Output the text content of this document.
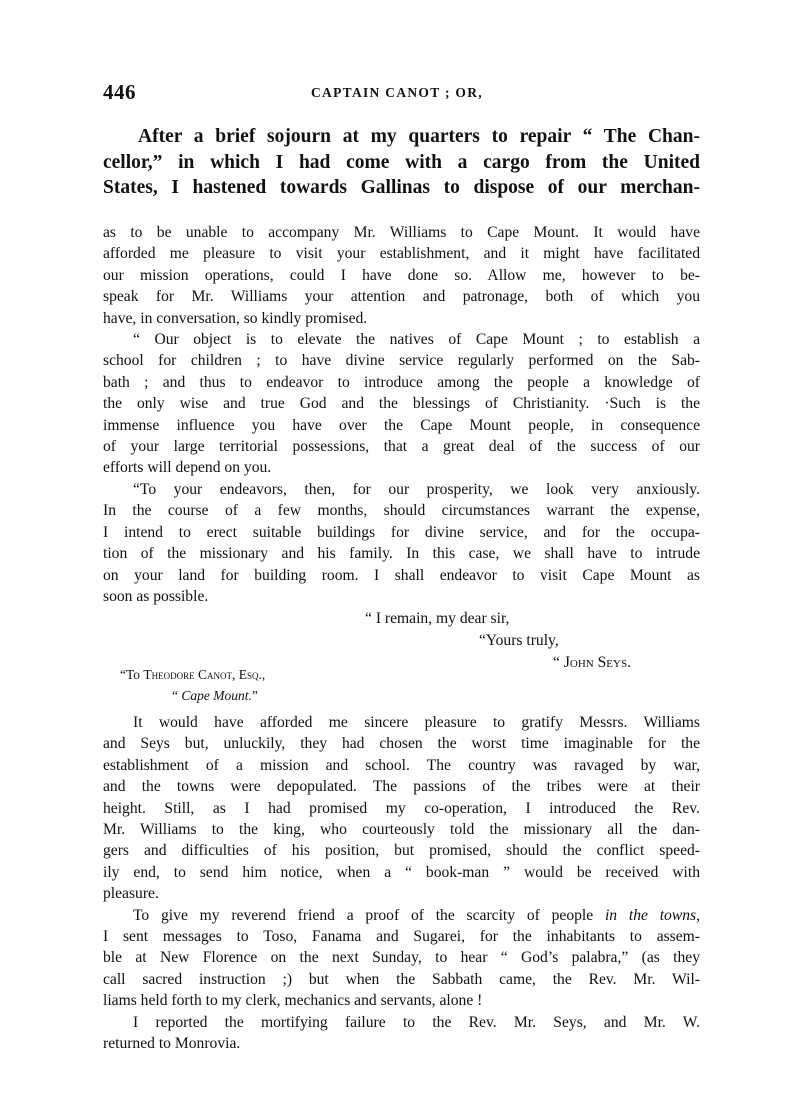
446	CAPTAIN CANOT ; OR,
After a brief sojourn at my quarters to repair “ The Chan-
cellor,” in which I had come with a cargo from the United
States, I hastened towards Gallinas to dispose of our merchan-
as to be unable to accompany Mr. Williams to Cape Mount. It would have
afforded me pleasure to visit your establishment, and it might have facilitated
our mission operations, could I have done so. Allow me, however to be-
speak for Mr. Williams your attention and patronage, both of which you
have, in conversation, so kindly promised.
“ Our object is to elevate the natives of Cape Mount ; to establish a
school for children ; to have divine service regularly performed on the Sab-
bath ; and thus to endeavor to introduce among the people a knowledge of
the only wise and true God and the blessings of Christianity. ·Such is the
immense influence you have over the Cape Mount people, in consequence
of your large territorial possessions, that a great deal of the success of our
efforts will depend on you.
“To your endeavors, then, for our prosperity, we look very anxiously.
In the course of a few months, should circumstances warrant the expense,
I intend to erect suitable buildings for divine service, and for the occupa-
tion of the missionary and his family. In this case, we shall have to intrude
on your land for building room. I shall endeavor to visit Cape Mount as
soon as possible.
“ I remain, my dear sir,
“Yours truly,
“ John Seys.
“To Theodore Canot, Esq.,
“ Cape Mount.”
It would have afforded me sincere pleasure to gratify Messrs. Williams
and Seys but, unluckily, they had chosen the worst time imaginable for the
establishment of a mission and school. The country was ravaged by war,
and the towns were depopulated. The passions of the tribes were at their
height. Still, as I had promised my co-operation, I introduced the Rev.
Mr. Williams to the king, who courteously told the missionary all the dan-
gers and difficulties of his position, but promised, should the conflict speed-
ily end, to send him notice, when a “ book-man ” would be received with
pleasure.
To give my reverend friend a proof of the scarcity of people in the towns,
I sent messages to Toso, Fanama and Sugarei, for the inhabitants to assem-
ble at New Florence on the next Sunday, to hear “ God’s palabra,” (as they
call sacred instruction ;) but when the Sabbath came, the Rev. Mr. Wil-
liams held forth to my clerk, mechanics and servants, alone !
I reported the mortifying failure to the Rev. Mr. Seys, and Mr. W.
returned to Monrovia.
